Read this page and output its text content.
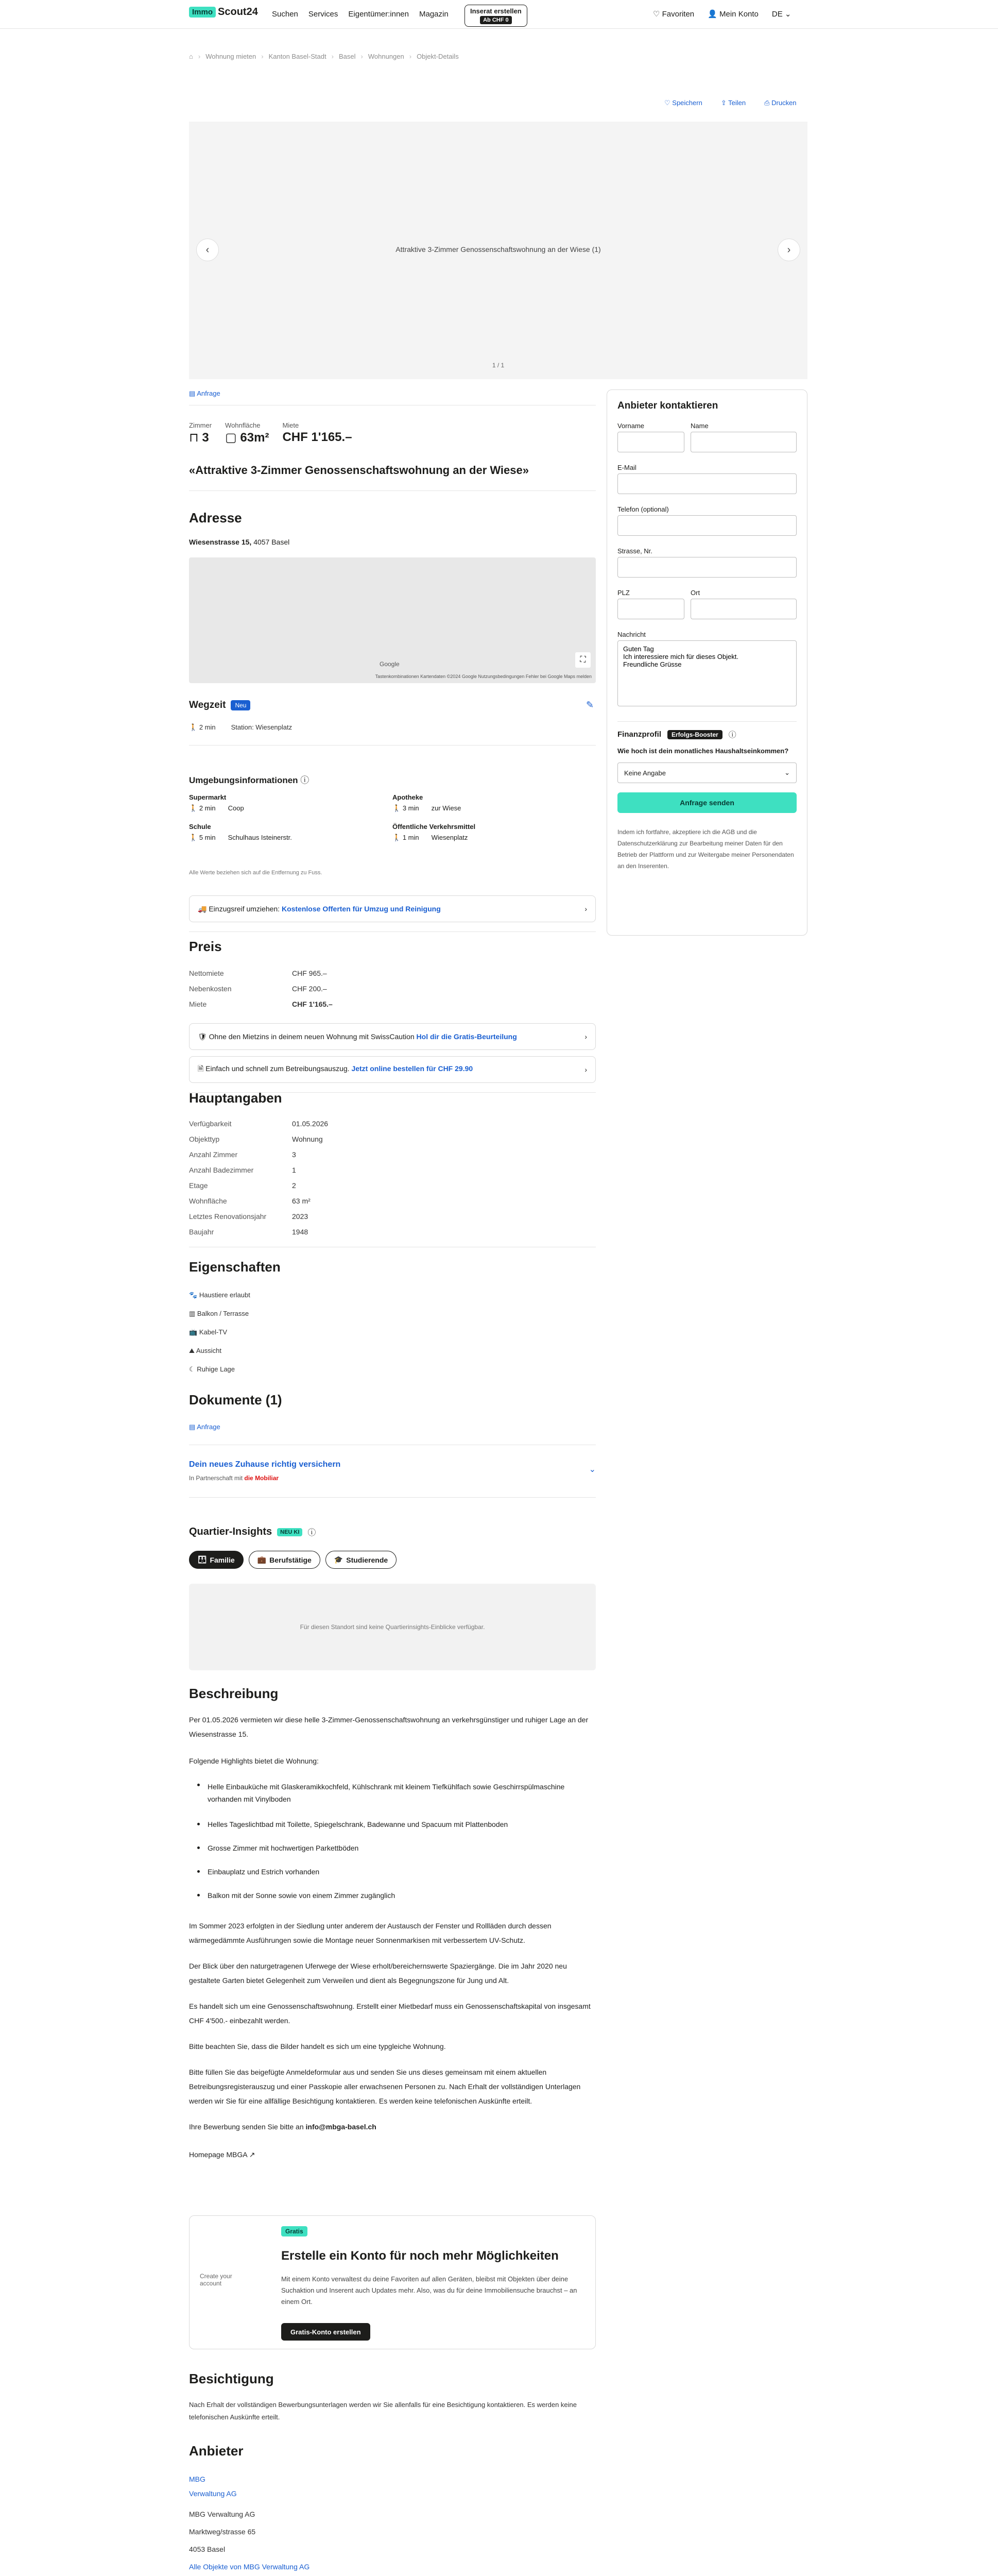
Immo Scout24 Suchen Services Eigentümer:innen Magazin	Inserat erstellen
Ab CHF 0
♡ Favoriten 👤 Mein Konto DE ⌄
⌂ › Wohnung mieten › Kanton Basel-Stadt › Basel › Wohnungen › Objekt-Details
♡ Speichern	⇪ Teilen	⎙ Drucken
Attraktive 3-Zimmer Genossenschaftswohnung an der Wiese (1)
‹	›
1 / 1
▤ Anfrage
Zimmer
⊓ 3
Wohnfläche
▢ 63m²
Miete
CHF 1'165.–
«Attraktive 3-Zimmer Genossenschaftswohnung an der Wiese»
Adresse
Wiesenstrasse 15, 4057 Basel
⛶
Google
Tastenkombinationen Kartendaten ©2024 Google Nutzungsbedingungen Fehler bei Google Maps melden
Wegzeit	Neu	✎
🚶 2 min Station: Wiesenplatz
Umgebungsinformationen ⓘ
Supermarkt
🚶 2 min Coop
Apotheke
🚶 3 min zur Wiese
Schule
🚶 5 min Schulhaus Isteinerstr.
Öffentliche Verkehrsmittel
🚶 1 min Wiesenplatz
Alle Werte beziehen sich auf die Entfernung zu Fuss.
🚚 Einzugsreif umziehen: Kostenlose Offerten für Umzug und Reinigung	›
Preis
Nettomiete	CHF 965.–
Nebenkosten	CHF 200.–
Miete	CHF 1'165.–
🛡 Ohne den Mietzins in deinem neuen Wohnung mit SwissCaution Hol dir die Gratis-Beurteilung	›
🗎 Einfach und schnell zum Betreibungsauszug. Jetzt online bestellen für CHF 29.90	›
Hauptangaben
Verfügbarkeit	01.05.2026
Objekttyp	Wohnung
Anzahl Zimmer	3
Anzahl Badezimmer	1
Etage	2
Wohnfläche	63 m²
Letztes Renovationsjahr	2023
Baujahr	1948
Eigenschaften
🐾 Haustiere erlaubt
▥ Balkon / Terrasse
📺 Kabel-TV
⛰ Aussicht
☾ Ruhige Lage
Dokumente (1)
▤ Anfrage
Dein neues Zuhause richtig versichern
In Partnerschaft mit die Mobiliar
⌄
Quartier-Insights	NEU KI	ⓘ
👪 Familie	💼 Berufstätige	🎓 Studierende
Für diesen Standort sind keine Quartierinsights-Einblicke verfügbar.
Beschreibung

Per 01.05.2026 vermieten wir diese helle 3-Zimmer-Genossenschaftswohnung an verkehrsgünstiger und ruhiger Lage an der Wiesenstrasse 15.

Folgende Highlights bietet die Wohnung:

Helle Einbauküche mit Glaskeramikkochfeld, Kühlschrank mit kleinem Tiefkühlfach sowie Geschirrspülmaschine vorhanden mit Vinylboden
Helles Tageslichtbad mit Toilette, Spiegelschrank, Badewanne und Spacuum mit Plattenboden
Grosse Zimmer mit hochwertigen Parkettböden
Einbauplatz und Estrich vorhanden
Balkon mit der Sonne sowie von einem Zimmer zugänglich

Im Sommer 2023 erfolgten in der Siedlung unter anderem der Austausch der Fenster und Rollläden durch dessen wärmegedämmte Ausführungen sowie die Montage neuer Sonnenmarkisen mit verbessertem UV-Schutz.

Der Blick über den naturgetragenen Uferwege der Wiese erholt/bereichernswerte Spaziergänge. Die im Jahr 2020 neu gestaltete Garten bietet Gelegenheit zum Verweilen und dient als Begegnungszone für Jung und Alt.

Es handelt sich um eine Genossenschaftswohnung. Erstellt einer Mietbedarf muss ein Genossenschaftskapital von insgesamt CHF 4'500.- einbezahlt werden.

Bitte beachten Sie, dass die Bilder handelt es sich um eine typgleiche Wohnung.

Bitte füllen Sie das beigefügte Anmeldeformular aus und senden Sie uns dieses gemeinsam mit einem aktuellen Betreibungsregisterauszug und einer Passkopie aller erwachsenen Personen zu. Nach Erhalt der vollständigen Unterlagen werden wir Sie für eine allfällige Besichtigung kontaktieren. Es werden keine telefonischen Auskünfte erteilt.

Ihre Bewerbung senden Sie bitte an info@mbga-basel.ch

Homepage MBGA ↗
Create your account
Gratis
Erstelle ein Konto für noch mehr Möglichkeiten
Mit einem Konto verwaltest du deine Favoriten auf allen Geräten, bleibst mit Objekten über deine Suchaktion und Inserent auch Updates mehr. Also, was du für deine Immobiliensuche brauchst – an einem Ort.
Gratis-Konto erstellen
Besichtigung
Nach Erhalt der vollständigen Bewerbungsunterlagen werden wir Sie allenfalls für eine Besichtigung kontaktieren. Es werden keine telefonischen Auskünfte erteilt.
Anbieter
MBG
Verwaltung AG
MBG Verwaltung AG
Marktweg/strasse 65
4053 Basel
Alle Objekte von MBG Verwaltung AG

Anbieter kontaktieren
Vorname	Name
E-Mail
Telefon (optional)
Strasse, Nr.
PLZ	Ort
Nachricht
Guten Tag Ich interessiere mich für dieses Objekt. Freundliche Grüsse
Finanzprofil	Erfolgs-Booster	ⓘ
Wie hoch ist dein monatliches Haushaltseinkommen?
Keine Angabe	⌄
Anfrage senden

Indem ich fortfahre, akzeptiere ich die AGB und die Datenschutzerklärung zur Bearbeitung meiner Daten für den Betrieb der Plattform und zur Weitergabe meiner Personendaten an den Inserenten.
